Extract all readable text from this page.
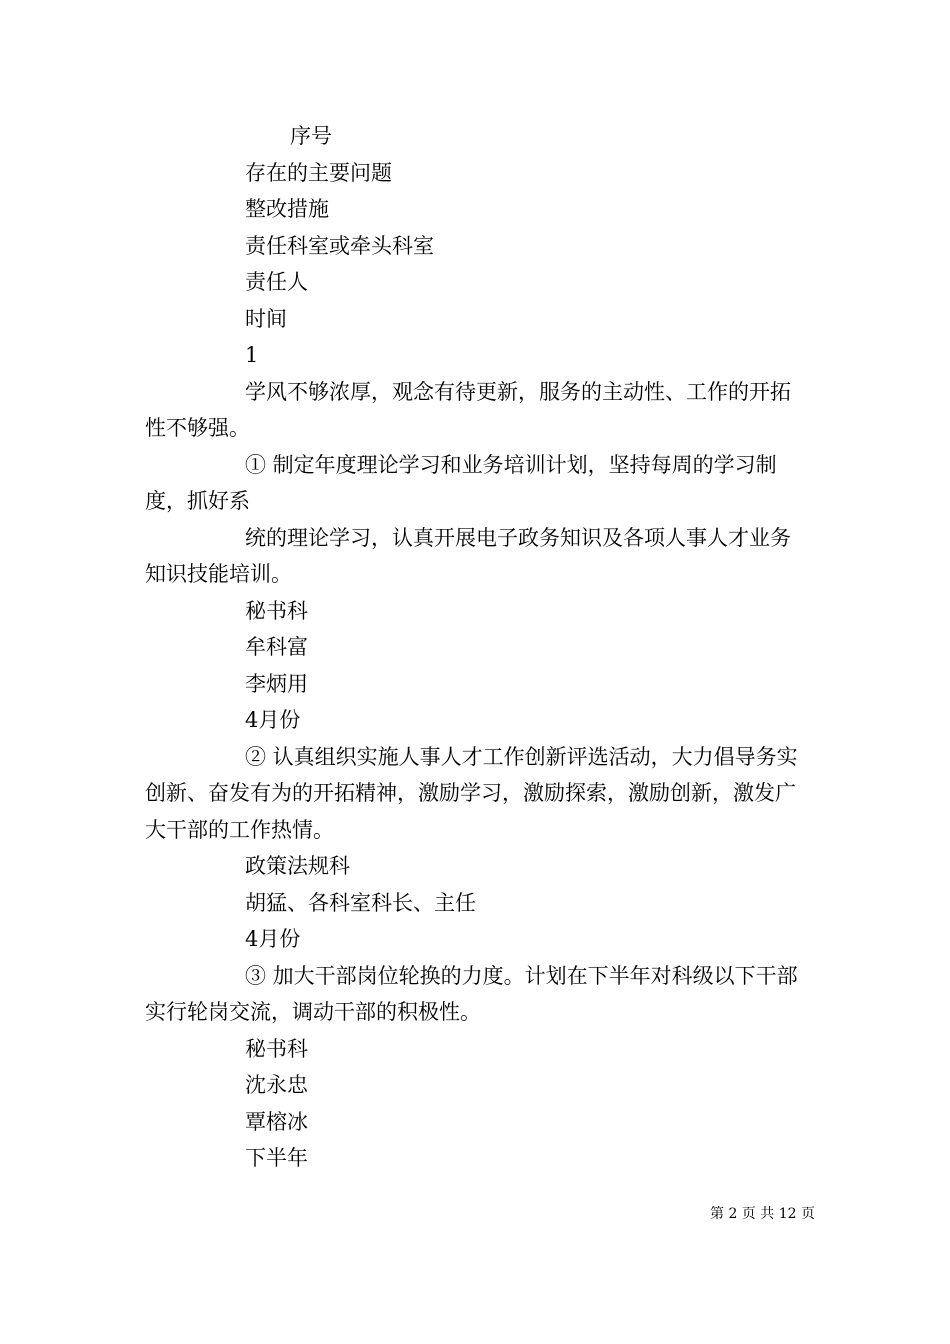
序号

存在的主要问题

整改措施

责任科室或牵头科室

责任人

时间

1

学风不够浓厚，观念有待更新，服务的主动性、工作的开拓性不够强。

① 制定年度理论学习和业务培训计划，坚持每周的学习制度，抓好系

统的理论学习，认真开展电子政务知识及各项人事人才业务知识技能培训。

秘书科

牟科富

李炳用

4月份

② 认真组织实施人事人才工作创新评选活动，大力倡导务实创新、奋发有为的开拓精神，激励学习，激励探索，激励创新，激发广大干部的工作热情。

政策法规科

胡猛、各科室科长、主任

4月份

③ 加大干部岗位轮换的力度。计划在下半年对科级以下干部实行轮岗交流，调动干部的积极性。

秘书科

沈永忠

覃榕冰

下半年

第 2 页 共 12 页
